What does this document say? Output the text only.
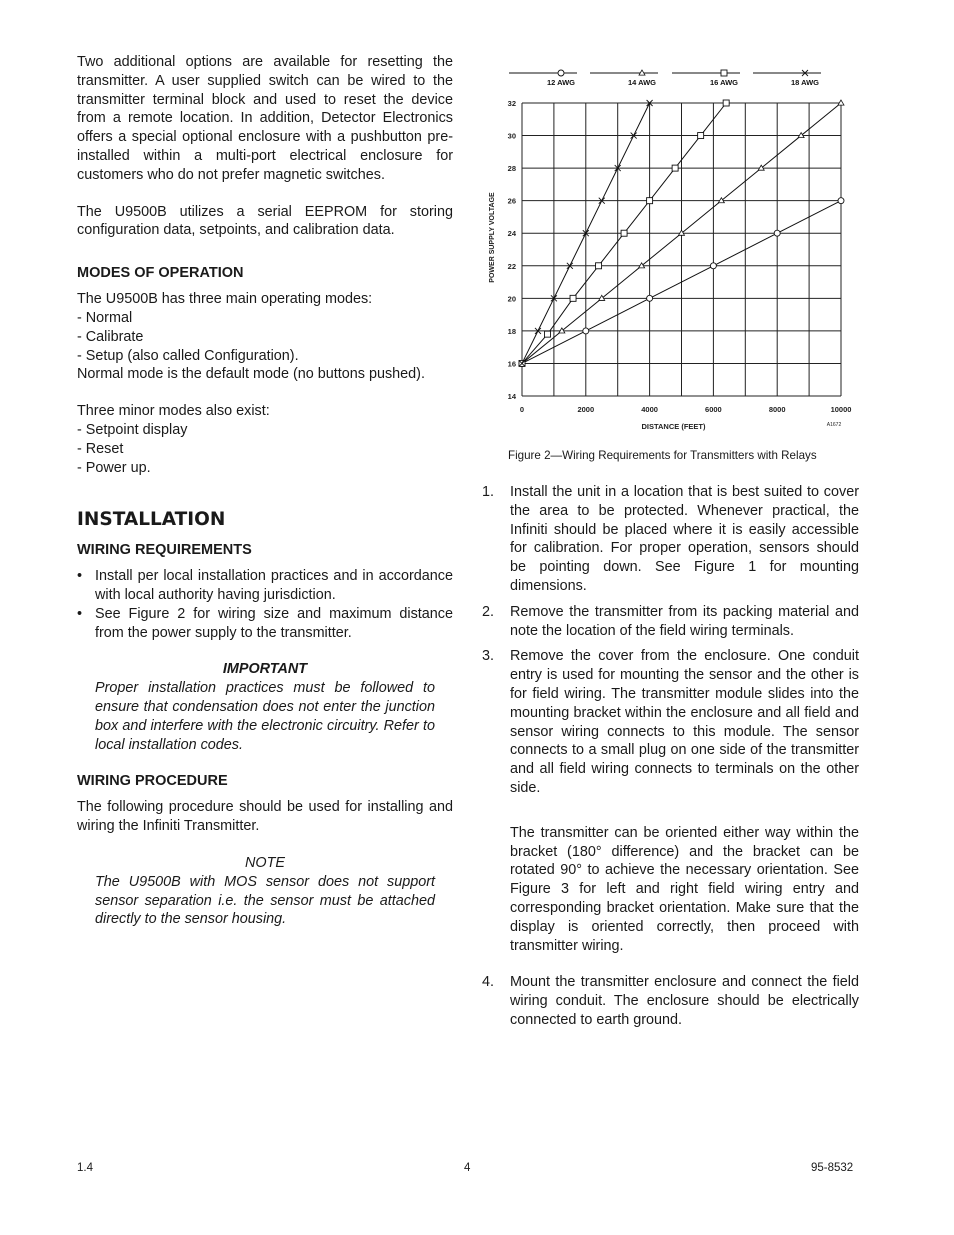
Two additional options are available for resetting the transmitter. A user supplied switch can be wired to the transmitter terminal block and used to reset the device from a remote location. In addition, Detector Electronics offers a special optional enclosure with a pushbutton pre-installed within a multi-port electrical enclosure for customers who do not prefer magnetic switches.

The U9500B utilizes a serial EEPROM for storing configuration data, setpoints, and calibration data.

MODES OF OPERATION

The U9500B has three main operating modes:

- Normal

- Calibrate

- Setup (also called Configuration).

Normal mode is the default mode (no buttons pushed).

Three minor modes also exist:

- Setpoint display

- Reset

- Power up.

INSTALLATION

WIRING REQUIREMENTS

• Install per local installation practices and in accordance with local authority having jurisdiction.
• See Figure 2 for wiring size and maximum distance from the power supply to the transmitter.

IMPORTANT

Proper installation practices must be followed to ensure that condensation does not enter the junction box and interfere with the electronic circuitry. Refer to local installation codes.

WIRING PROCEDURE

The following procedure should be used for installing and wiring the Infiniti Transmitter.

NOTE

The U9500B with MOS sensor does not support sensor separation i.e. the sensor must be attached directly to the sensor housing.

14
16
18
20
22
24
26
28
30
32
0	2000	4000	6000	8000	10000
DISTANCE (FEET)
POWER SUPPLY VOLTAGE
A1672
12 AWG	14 AWG	16 AWG	18 AWG

Figure 2—Wiring Requirements for Transmitters with Relays

1.	Install the unit in a location that is best suited to cover the area to be protected. Whenever practical, the Infiniti should be placed where it is easily accessible for calibration. For proper operation, sensors should be pointing down. See Figure 1 for mounting dimensions.
2.	Remove the transmitter from its packing material and note the location of the field wiring terminals.
3.	Remove the cover from the enclosure. One conduit entry is used for mounting the sensor and the other is for field wiring. The transmitter module slides into the mounting bracket within the enclosure and all field and sensor wiring connects to this module. The sensor connects to a small plug on one side of the transmitter and all field wiring connects to terminals on the other side.
The transmitter can be oriented either way within the bracket (180° difference) and the bracket can be rotated 90° to achieve the necessary orientation. See Figure 3 for left and right field wiring entry and corresponding bracket orientation. Make sure that the display is oriented correctly, then proceed with transmitter wiring.
4.	Mount the transmitter enclosure and connect the field wiring conduit. The enclosure should be electrically connected to earth ground.

1.4	4	95-8532
